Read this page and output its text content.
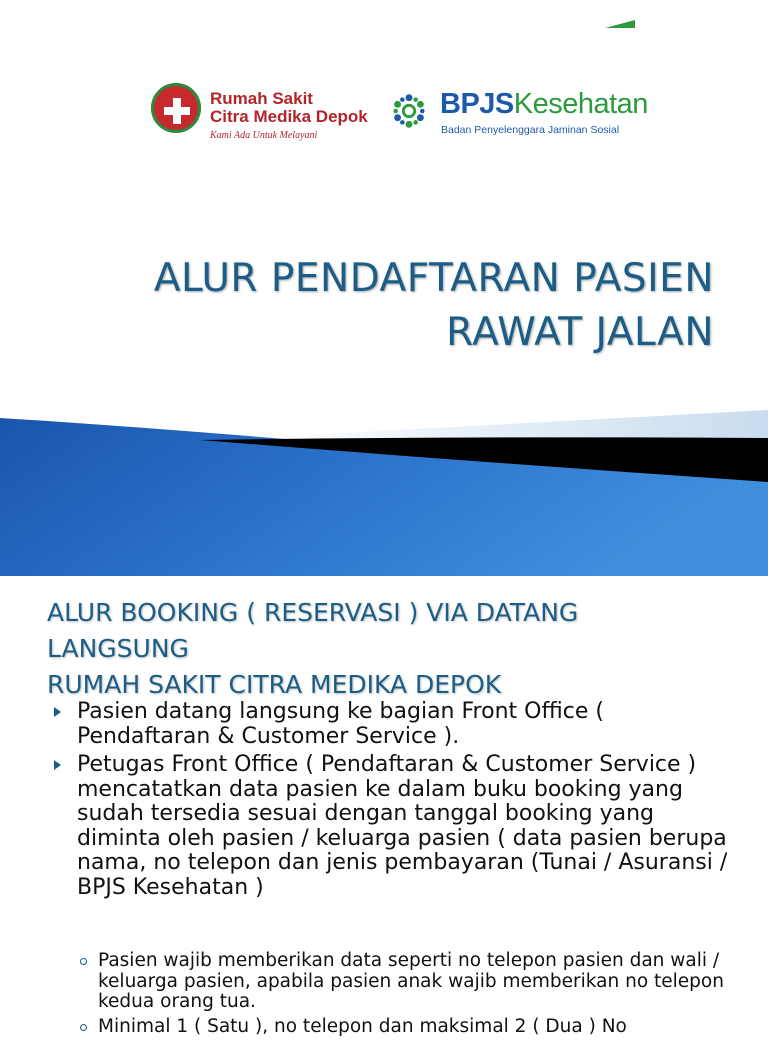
Rumah Sakit
Citra Medika Depok
Kami Ada Untuk Melayani
BPJSKesehatan
Badan Penyelenggara Jaminan Sosial
ALUR PENDAFTARAN PASIEN
RAWAT JALAN
ALUR BOOKING ( RESERVASI ) VIA DATANG
LANGSUNG
RUMAH SAKIT CITRA MEDIKA DEPOK
Pasien datang langsung ke bagian Front Office ( Pendaftaran & Customer Service ).
Petugas Front Office ( Pendaftaran & Customer Service ) mencatatkan data pasien ke dalam buku booking yang sudah tersedia sesuai dengan tanggal booking yang diminta oleh pasien / keluarga pasien ( data pasien berupa nama, no telepon dan jenis pembayaran (Tunai / Asuransi / BPJS Kesehatan )
Pasien wajib memberikan data seperti no telepon pasien dan wali / keluarga pasien, apabila pasien anak wajib memberikan no telepon kedua orang tua.
Minimal 1 ( Satu ), no telepon dan maksimal 2 ( Dua ) No
